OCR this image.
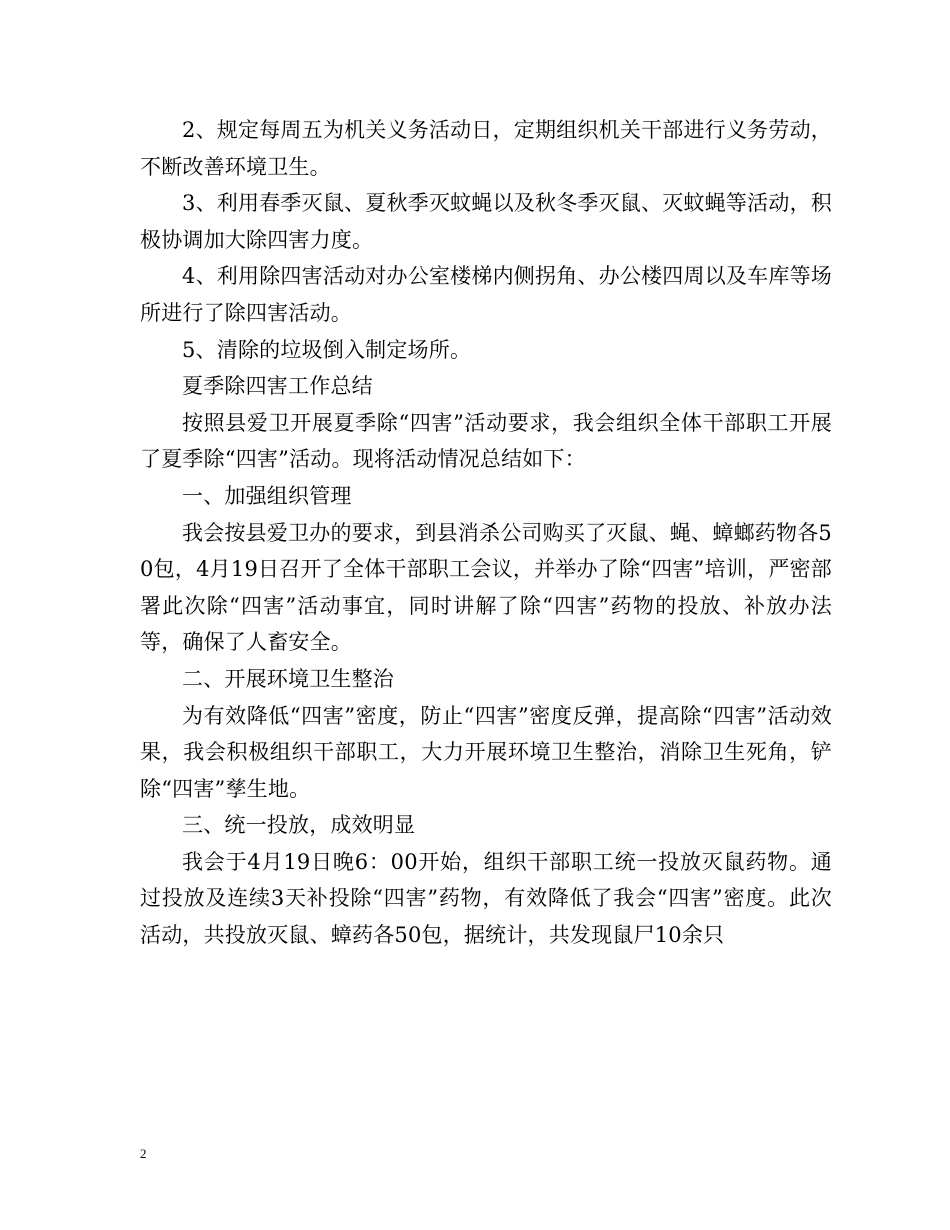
2、规定每周五为机关义务活动日，定期组织机关干部进行义务劳动，不断改善环境卫生。

3、利用春季灭鼠、夏秋季灭蚊蝇以及秋冬季灭鼠、灭蚊蝇等活动，积极协调加大除四害力度。

4、利用除四害活动对办公室楼梯内侧拐角、办公楼四周以及车库等场所进行了除四害活动。

5、清除的垃圾倒入制定场所。

夏季除四害工作总结

按照县爱卫开展夏季除“四害”活动要求，我会组织全体干部职工开展了夏季除“四害”活动。现将活动情况总结如下：

一、加强组织管理

我会按县爱卫办的要求，到县消杀公司购买了灭鼠、蝇、蟑螂药物各50包，4月19日召开了全体干部职工会议，并举办了除“四害”培训，严密部署此次除“四害”活动事宜，同时讲解了除“四害”药物的投放、补放办法等，确保了人畜安全。

二、开展环境卫生整治

为有效降低“四害”密度，防止“四害”密度反弹，提高除“四害”活动效果，我会积极组织干部职工，大力开展环境卫生整治，消除卫生死角，铲除“四害”孳生地。

三、统一投放，成效明显

我会于4月19日晚6：00开始，组织干部职工统一投放灭鼠药物。通过投放及连续3天补投除“四害”药物，有效降低了我会“四害”密度。此次活动，共投放灭鼠、蟑药各50包，据统计，共发现鼠尸10余只

2
